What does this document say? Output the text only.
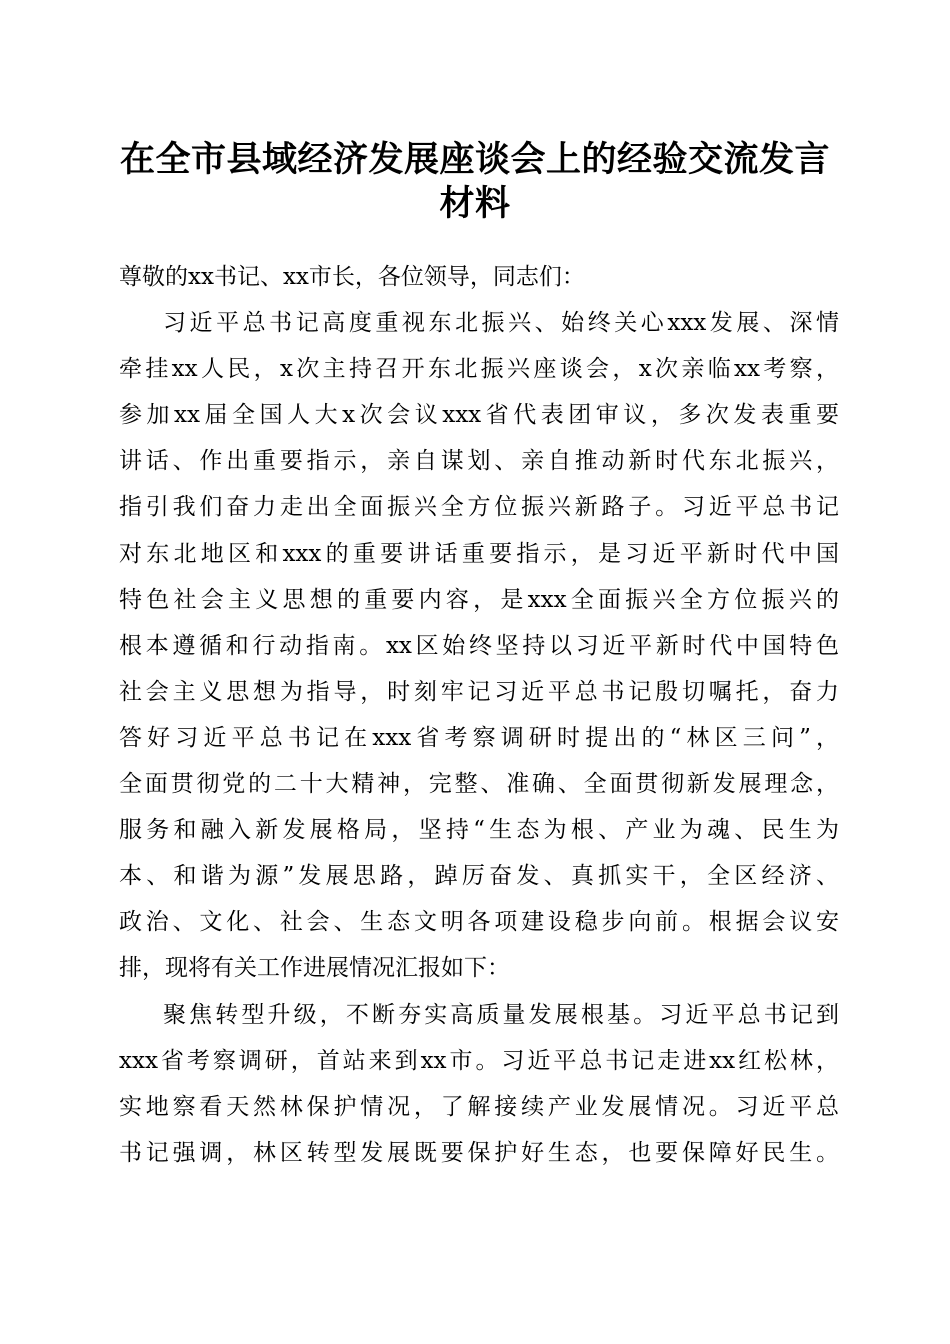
在全市县域经济发展座谈会上的经验交流发言
材料
尊敬的xx书记、xx市长，各位领导，同志们：
习近平总书记高度重视东北振兴、始终关心xxx发展、深情
牵挂xx人民，x次主持召开东北振兴座谈会，x次亲临xx考察，
参加xx届全国人大x次会议xxx省代表团审议，多次发表重要
讲话、作出重要指示，亲自谋划、亲自推动新时代东北振兴，
指引我们奋力走出全面振兴全方位振兴新路子。习近平总书记
对东北地区和xxx的重要讲话重要指示，是习近平新时代中国
特色社会主义思想的重要内容，是xxx全面振兴全方位振兴的
根本遵循和行动指南。xx区始终坚持以习近平新时代中国特色
社会主义思想为指导，时刻牢记习近平总书记殷切嘱托，奋力
答好习近平总书记在xxx省考察调研时提出的“林区三问”，
全面贯彻党的二十大精神，完整、准确、全面贯彻新发展理念，
服务和融入新发展格局，坚持“生态为根、产业为魂、民生为
本、和谐为源”发展思路，踔厉奋发、真抓实干，全区经济、
政治、文化、社会、生态文明各项建设稳步向前。根据会议安
排，现将有关工作进展情况汇报如下：
聚焦转型升级，不断夯实高质量发展根基。习近平总书记到
xxx省考察调研，首站来到xx市。习近平总书记走进xx红松林，
实地察看天然林保护情况，了解接续产业发展情况。习近平总
书记强调，林区转型发展既要保护好生态，也要保障好民生。
